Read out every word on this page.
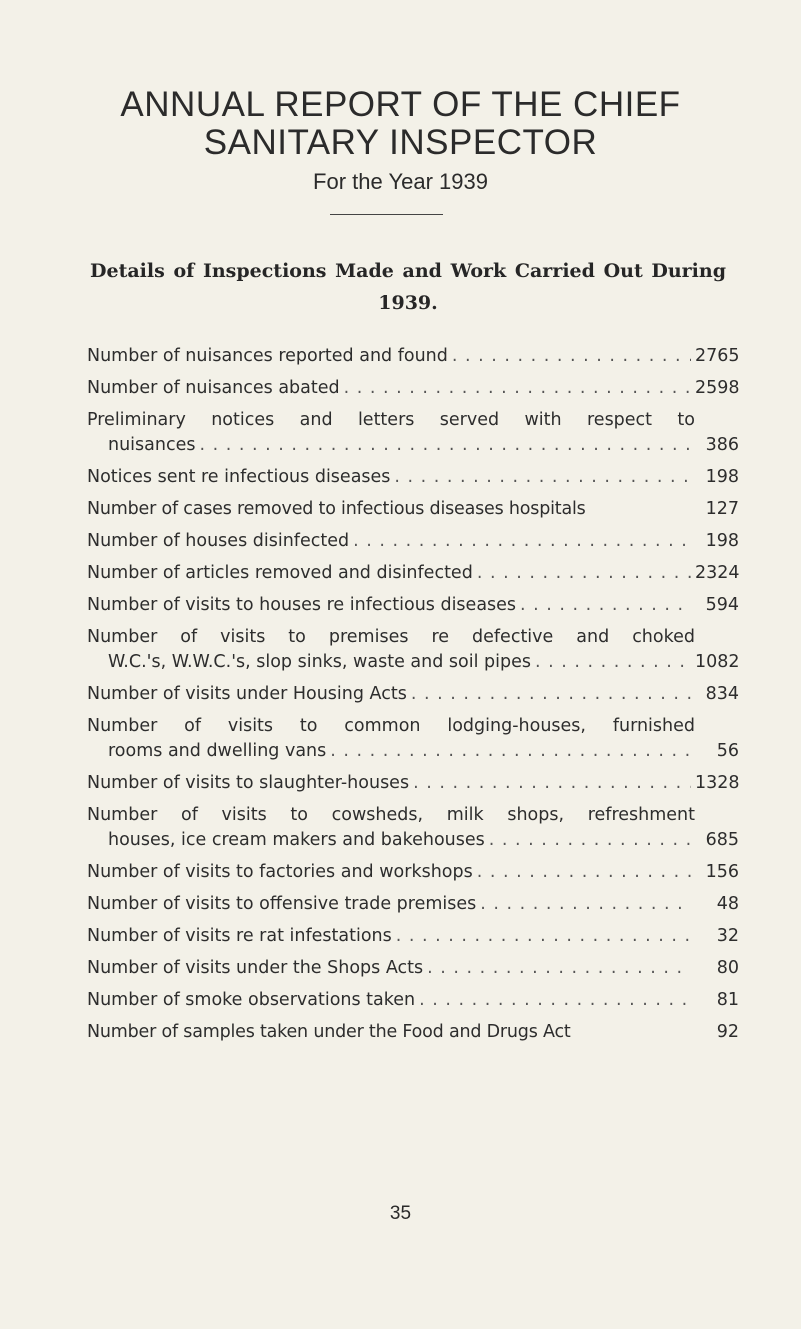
ANNUAL REPORT OF THE CHIEF
SANITARY INSPECTOR
For the Year 1939
Details of Inspections Made and Work Carried Out During
1939.
Number of nuisances reported and found . . .	2765
Number of nuisances abated . . .	2598
Preliminary notices and letters served with respect to
nuisances . . .	386
Notices sent re infectious diseases . . .	198
Number of cases removed to infectious diseases hospitals	127
Number of houses disinfected . . .	198
Number of articles removed and disinfected . . .	2324
Number of visits to houses re infectious diseases . . .	594
Number of visits to premises re defective and choked
W.C.'s, W.W.C.'s, slop sinks, waste and soil pipes . . .	1082
Number of visits under Housing Acts . . .	834
Number of visits to common lodging-houses, furnished
rooms and dwelling vans . . .	56
Number of visits to slaughter-houses . . .	1328
Number of visits to cowsheds, milk shops, refreshment
houses, ice cream makers and bakehouses . . .	685
Number of visits to factories and workshops . . .	156
Number of visits to offensive trade premises . . .	48
Number of visits re rat infestations . . .	32
Number of visits under the Shops Acts . . .	80
Number of smoke observations taken . . .	81
Number of samples taken under the Food and Drugs Act	92
35
